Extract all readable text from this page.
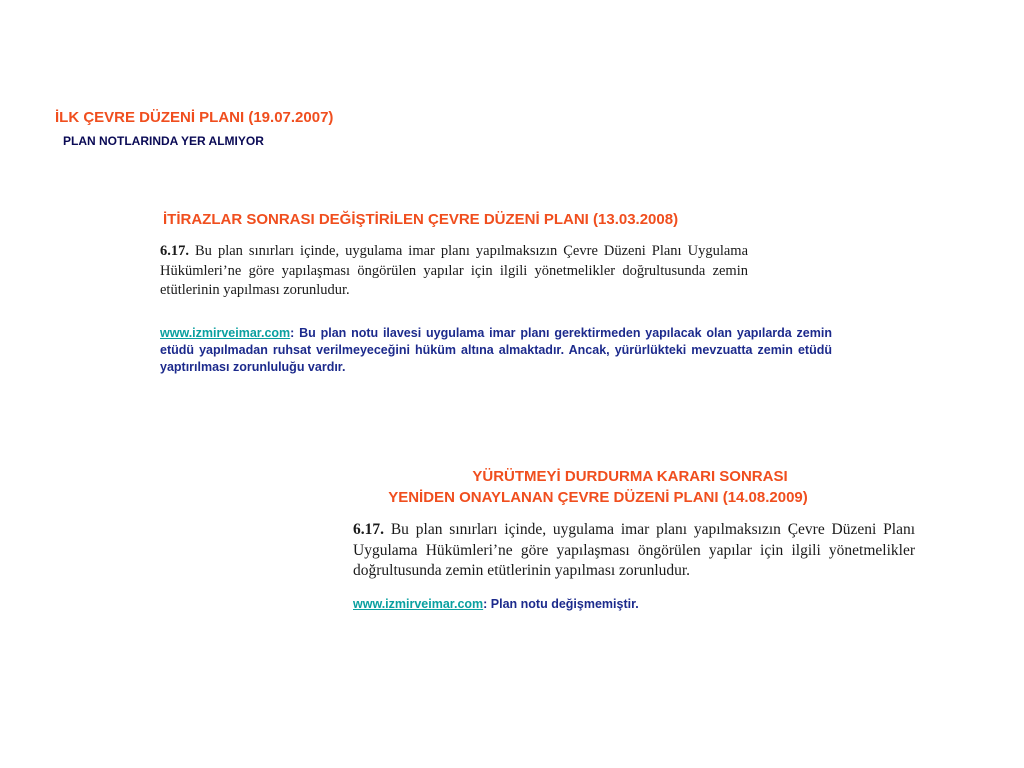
İLK ÇEVRE DÜZENİ PLANI (19.07.2007)
PLAN NOTLARINDA YER ALMIYOR
İTİRAZLAR SONRASI DEĞİŞTİRİLEN ÇEVRE DÜZENİ PLANI (13.03.2008)
6.17. Bu plan sınırları içinde, uygulama imar planı yapılmaksızın Çevre Düzeni Planı Uygulama Hükümleri’ne göre yapılaşması öngörülen yapılar için ilgili yönetmelikler doğrultusunda zemin etütlerinin yapılması zorunludur.
www.izmirveimar.com: Bu plan notu ilavesi uygulama imar planı gerektirmeden yapılacak olan yapılarda zemin etüdü yapılmadan ruhsat verilmeyeceğini hüküm altına almaktadır. Ancak, yürürlükteki mevzuatta zemin etüdü yaptırılması zorunluluğu vardır.
YÜRÜTMEYİ DURDURMA KARARI SONRASI
YENİDEN ONAYLANAN ÇEVRE DÜZENİ PLANI (14.08.2009)
6.17. Bu plan sınırları içinde, uygulama imar planı yapılmaksızın Çevre Düzeni Planı Uygulama Hükümleri’ne göre yapılaşması öngörülen yapılar için ilgili yönetmelikler doğrultusunda zemin etütlerinin yapılması zorunludur.
www.izmirveimar.com: Plan notu değişmemiştir.
